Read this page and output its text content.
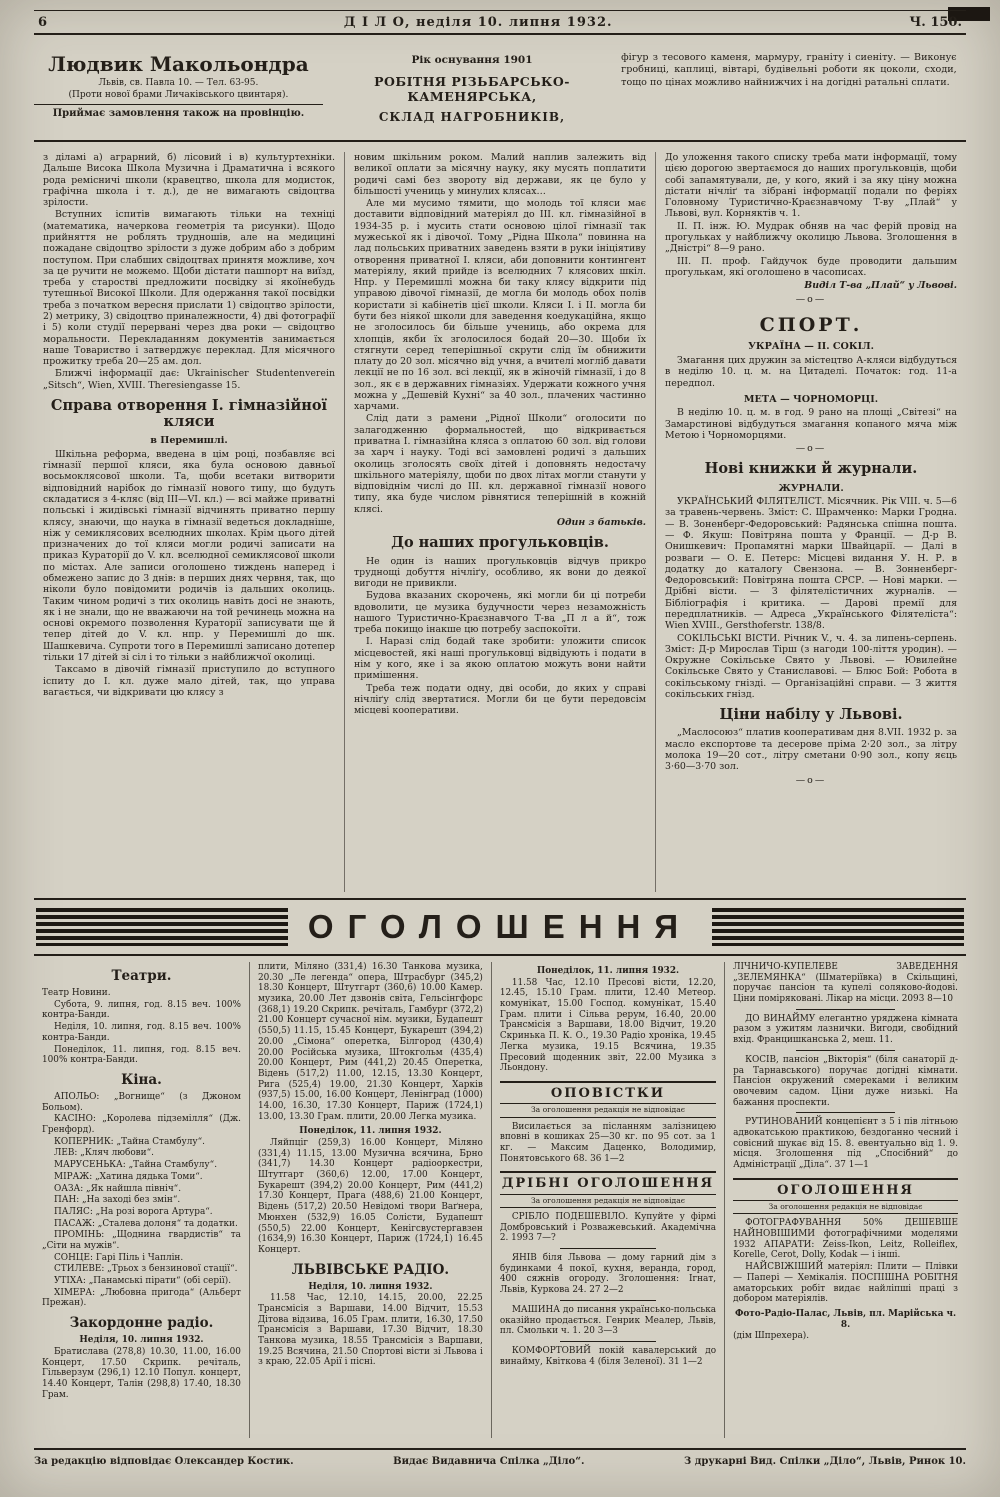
6	Д І Л О, неділя 10. липня 1932.	Ч. 150.
Людвик Макольондра
Львів, св. Павла 10. — Тел. 63-95.
(Проти нової брами Личаківського цвинтаря).
Приймає замовлення також на провінцію.
Рік оснування 1901
РОБІТНЯ РІЗЬБАРСЬКО-КАМЕНЯРСЬКА,
СКЛАД НАГРОБНИКІВ,
фігур з тесового каменя, мармуру, граніту і сиеніту. — Виконує гробниці, каплиці, вівтарі, будівельні роботи як цоколи, сходи, тощо по цінах можливо найнижчих і на догідні ратальні сплати.
з діламі а) аграрний, б) лісовий і в) культуртехніки. Дальше Висока Школа Музична і Драматична і всякого рода ремісничі школи (кравецтво, школа для модисток, графічна школа і т. д.), де не вимагають свідоцтва зрілости.
Вступних іспитів вимагають тільки на техніці (математика, начеркова геометрія та рисунки). Щодо прийняття не роблять трудношів, але на медицині пожадане свідоцтво зрілости з дуже добрим або з добрим поступом. При слабших свідоцтвах принятя можливе, хоч за це ручити не можемо. Щоби дістати пашпорт на виїзд, треба у старостві предложити посвідку зі якоїнебудь тутешньої Високої Школи. Для одержання такої посвідки треба з початком вересня прислати 1) свідоцтво зрілости, 2) метрику, 3) свідоцтво приналежности, 4) дві фотографії і 5) коли студії перервані через два роки — свідоцтво моральности. Перекладанням документів занимається наше Товариство і затверджує переклад. Для місячного прожитку треба 20—25 ам. дол.
Ближчі інформації дає: Ukrainischer Studentenverein „Sitsch“, Wien, XVIII. Theresiengasse 15.
Справа отворення І. гімназійної кляси
в Перемишлі.
Шкільна реформа, введена в цім році, позбавляє всі гімназії першої кляси, яка була основою давньої восьмоклясової школи. Та, щоби всетаки витворити відповідний нарібок до гімназії нового типу, що будуть складатися з 4-кляс (від III—VI. кл.) — всі майже приватні польські і жидівські гімназії відчинять приватно першу клясу, знаючи, що наука в гімназії ведеться докладніше, ніж у семиклясових вселюдних школах. Крім цього дітей призначених до тої кляси могли родичі записати на приказ Кураторії до V. кл. вселюдної семиклясової школи по містах. Але записи оголошено тиждень наперед і обмежено запис до 3 днів: в перших днях червня, так, що ніколи було повідомити родичів із дальших околиць. Таким чином родичі з тих околиць навіть досі не знають, як і не знали, що не вважаючи на той речинець можна на основі окремого позволення Кураторії записувати ще й тепер дітей до V. кл. нпр. у Перемишлі до шк. Шашкевича. Супроти того в Перемишлі записано дотепер тільки 17 дітей зі сіл і то тільки з найближчої околиці.
Таксамо в дівочій гімназії приступило до вступного іспиту до І. кл. дуже мало дітей, так, що управа вагається, чи відкривати цю клясу з
новим шкільним роком. Малий наплив залежить від великої оплати за місячну науку, яку мусять поплатити родичі самі без звороту від держави, як це було у більшості учениць у минулих клясах…
Але ми мусимо тямити, що молодь тої кляси має доставити відповідний матеріял до III. кл. гімназійної в 1934-35 р. і мусить стати основою цілої гімназії так мужеської як і дівочої. Тому „Рідна Школа“ повинна на лад польських приватних заведень взяти в руки ініціятиву отворення приватної І. кляси, аби доповнити контингент матеріялу, який прийде із вселюдних 7 клясових шкіл. Нпр. у Перемишлі можна би таку клясу відкрити під управою дівочої гімназії, де могла би молодь обох полів користати зі кабінетів цієї школи. Кляси І. і II. могла би бути без ніякої школи для заведення коедукаційна, якщо не зголосилось би більше учениць, або окрема для хлопців, якби їх зголосилося бодай 20—30. Щоби їх стягнути серед теперішньої скрути слід їм обнижити плату до 20 зол. місячно від учня, а вчителі могліб давати лекції не по 16 зол. всі лекції, як в жіночій гімназії, і до 8 зол., як є в державних гімназіях. Удержати кожного учня можна у „Дешевій Кухні“ за 40 зол., плачених частинно харчами.
Слід дати з рамени „Рідної Школи“ оголосити по залагодженню формальностей, що відкривається приватна І. гімназійна кляса з оплатою 60 зол. від голови за харч і науку. Тоді всі замовлені родичі з дальших околиць зголосять своїх дітей і доповнять недостачу шкільного матеріялу, щоби по двох літах могли станути у відповіднім числі до III. кл. державної гімназії нового типу, яка буде числом рівнятися теперішній в кожній клясі.
Один з батьків.
До наших прогульковців.
Не один із наших прогульковців відчув прикро труднощі добуття нічліґу, особливо, як вони до деякої вигоди не привикли.
Будова вказаних скорочень, які могли би ці потреби вдоволити, це музика будучности через незаможність нашого Туристично-Краєзнавчого Т-ва „П л а й“, тож треба покищо інакше цю потребу заспокоїти.
І. Наразі слід бодай таке зробити: уложити список місцевостей, які наші прогульковці відвідують і подати в нім у кого, яке і за якою оплатою можуть вони найти примішення.
Треба теж подати одну, дві особи, до яких у справі нічліґу слід звертатися. Могли би це бути передовсім місцеві кооперативи.
До уложення такого списку треба мати інформації, тому цією дорогою звертаємося до наших прогульковців, щоби собі запамятували, де, у кого, який і за яку ціну можна дістати нічліґ та зібрані інформації подали по феріях Головному Туристично-Краєзнавчому Т-ву „Плай“ у Львові, вул. Корняктів ч. 1.
II. П. інж. Ю. Мудрак обняв на час ферій провід на прогульках у найближчу околицю Львова. Зголошення в „Дністрі“ 8—9 рано.
III. П. проф. Гайдучок буде проводити дальшим прогулькам, які оголошено в часописах.
Виділ Т-ва „Плай“ у Львові.
—о—
СПОРТ.
УКРАЇНА — ІІ. СОКІЛ.
Змагання цих дружин за містецтво А-кляси відбудуться в неділю 10. ц. м. на Цитаделі. Початок: год. 11-а передпол.
МЕТА — ЧОРНОМОРЦІ.
В неділю 10. ц. м. в год. 9 рано на площі „Світезі“ на Замарстинові відбудуться змагання копаного мяча між Метою і Чорноморцями.
—о—
Нові книжки й журнали.
ЖУРНАЛИ.
УКРАЇНСЬКИЙ ФІЛЯТЕЛІСТ. Місячник. Рік VIII. ч. 5—6 за травень-червень. Зміст: С. Шрамченко: Марки Гродна. — В. Зоненберг-Федоровський: Радянська спішна пошта. — Ф. Якуш: Повітряна пошта у Франції. — Д-р В. Онишкевич: Пропамятні марки Швайцарії. — Далі в розваги — О. Е. Петерс: Місцеві видання У. Н. Р. в додатку до каталогу Свензона. — В. Зонненберг-Федоровський: Повітряна пошта СРСР. — Нові марки. — Дрібні вісти. — З філятелістичних журналів. — Бібліографія і критика. — Дарові премії для передплатників. — Адреса „Українського Філятеліста“: Wien XVIII., Gersthoferstr. 138/8.
СОКІЛЬСЬКІ ВІСТИ. Річник V., ч. 4. за липень-серпень. Зміст: Д-р Мирослав Тірш (з нагоди 100-ліття уродин). — Окружне Сокільське Свято у Львові. — Ювилейне Сокільське Свято у Станиславові. — Блюс Бой: Робота в сокільському гнізді. — Організаційні справи. — З життя сокільських гнізд.
Ціни набілу у Львові.
„Маслосоюз“ платив кооперативам дня 8.VII. 1932 р. за масло експортове та десерове пріма 2·20 зол., за літру молока 19—20 сот., літру сметани 0·90 зол., копу яєць 3·60—3·70 зол.
—о—
ОГОЛОШЕННЯ
Театри.
Театр Новини.
Субота, 9. липня, год. 8.15 веч. 100% контра-Банди.
Неділя, 10. липня, год. 8.15 веч. 100% контра-Банди.
Понеділок, 11. липня, год. 8.15 веч. 100% контра-Банди.
Кіна.
АПОЛЬО: „Вогнище“ (з Джоном Больом).
КАСІНО: „Королева підземілля“ (Дж. Гренфорд).
КОПЕРНИК: „Тайна Стамбулу“.
ЛЕВ: „Кляч любови“.
МАРУСЕНЬКА: „Тайна Стамбулу“.
МІРАЖ: „Хатина дядька Томи“.
ОАЗА: „Як найшла північ“.
ПАН: „На заході без змін“.
ПАЛЯС: „На розі ворога Артура“.
ПАСАЖ: „Сталева долоня“ та додатки.
ПРОМІНЬ: „Щоднина гвардистів“ та „Сіти на мужів“.
СОНЦЕ: Гарі Піль і Чаплін.
СТИЛЕВЕ: „Трьох з бензинової стації“.
УТІХА: „Панамські пірати“ (обі серії).
ХІМЕРА: „Любовна пригода“ (Альберт Прежан).
Закордонне радіо.
Неділя, 10. липня 1932.
Братислава (278,8) 10.30, 11.00, 16.00 Концерт, 17.50 Скрипк. речіталь, Гільверзум (296,1) 12.10 Попул. концерт, 14.40 Концерт, Талін (298,8) 17.40, 18.30 Грам.
плити, Міляно (331,4) 16.30 Танкова музика, 20.30 „Ле легенда“ опера, Штрасбург (345,2) 18.30 Концерт, Штутгарт (360,6) 10.00 Камер. музика, 20.00 Лет дзвонів світа, Гельсінгфорс (368,1) 19.20 Скрипк. речіталь, Гамбург (372,2) 21.00 Концерт сучасної нім. музики, Будапешт (550,5) 11.15, 15.45 Концерт, Букарешт (394,2) 20.00 „Сімона“ оперетка, Білгород (430,4) 20.00 Російська музика, Штокгольм (435,4) 20.00 Концерт, Рим (441,2) 20.45 Оперетка, Відень (517,2) 11.00, 12.15, 13.30 Концерт, Рига (525,4) 19.00, 21.30 Концерт, Харків (937,5) 15.00, 16.00 Концерт, Ленінград (1000) 14.00, 16.30, 17.30 Концерт, Париж (1724,1) 13.00, 13.30 Грам. плити, 20.00 Легка музика.
Понеділок, 11. липня 1932.
Ляйпціг (259,3) 16.00 Концерт, Міляно (331,4) 11.15, 13.00 Музична всячина, Брно (341,7) 14.30 Концерт радіооркестри, Штутгарт (360,6) 12.00, 17.00 Концерт, Букарешт (394,2) 20.00 Концерт, Рим (441,2) 17.30 Концерт, Прага (488,6) 21.00 Концерт, Відень (517,2) 20.50 Невідомі твори Ваґнера, Мюнхен (532,9) 16.05 Солісти, Будапешт (550,5) 22.00 Концерт, Кенігсвустергавзен (1634,9) 16.30 Концерт, Париж (1724,1) 16.45 Концерт.
ЛЬВІВСЬКЕ РАДІО.
Неділя, 10. липня 1932.
11.58 Час, 12.10, 14.15, 20.00, 22.25 Трансмісія з Варшави, 14.00 Відчит, 15.53 Дітова відзива, 16.05 Грам. плити, 16.30, 17.50 Трансмісія з Варшави, 17.30 Відчит, 18.30 Танкова музика, 18.55 Трансмісія з Варшави, 19.25 Всячина, 21.50 Спортові вісти зі Львова і з краю, 22.05 Арії і пісні.
Понеділок, 11. липня 1932.
11.58 Час, 12.10 Пресові вісти, 12.20, 12.45, 15.10 Грам. плити, 12.40 Метеор. комунікат, 15.00 Господ. комунікат, 15.40 Грам. плити і Сільва рерум, 16.40, 20.00 Трансмісія з Варшави, 18.00 Відчит, 19.20 Скринька П. К. О., 19.30 Радіо хроніка, 19.45 Легка музика, 19.15 Всячина, 19.35 Пресовий щоденник звіт, 22.00 Музика з Льондону.
ОПОВІСТКИ
За оголошення редакція не відповідає
Висилається за післанням залізницею вповні в кошиках 25—30 кг. по 95 сот. за 1 кг. — Максим Даценко, Володимир, Понятовського 68. 36 1—2
ДРІБНІ ОГОЛОШЕННЯ
За оголошення редакція не відповідає
СРІБЛО ПОДЕШЕВІЛО. Купуйте у фірмі Домбровський і Розважевський. Академічна 2. 1993 7—?
ЯНІВ біля Львова — дому гарний дім з будинками 4 покої, кухня, веранда, город, 400 сяжнів огороду. Зголошення: Ігнат, Львів, Куркова 24. 27 2—2
МАШИНА до писання українсько-польська оказійно продається. Генрик Меалер, Львів, пл. Смольки ч. 1. 20 3—3
КОМФОРТОВИЙ покій кавалерський до винайму, Квіткова 4 (біля Зеленої). 31 1—2
ЛІЧНИЧО-КУПЕЛЕВЕ ЗАВЕДЕННЯ „ЗЕЛЕМЯНКА“ (Шматеріївка) в Скільщині, поручає пансіон та купелі соляково-йодові. Ціни поміряковані. Лікар на місци. 2093 8—10
ДО ВИНАЙМУ елегантно уряджена кімната разом з ужитям лазнички. Вигоди, свобідний вхід. Францишканська 2, меш. 11.
КОСІВ, пансіон „Вікторія“ (біля санаторії д-ра Тарнавського) поручає догідні кімнати. Пансіон окружений смереками і великим овочевим садом. Ціни дуже низькі. На бажання проспекти.
РУТИНОВАНИЙ концепієнт з 5 і пів літньою адвокатською практикою, бездоганно чесний і совісний шукає від 15. 8. евентуально від 1. 9. місця. Зголошення під „Спосібний“ до Адміністрації „Діла“. 37 1—1
ОГОЛОШЕННЯ
За оголошення редакція не відповідає
ФОТОГРАФУВАННЯ 50% ДЕШЕВШЕ НАЙНОВІШИМИ фотографічними моделями 1932 АПАРАТИ: Zeiss-Ikon, Leitz, Rolleiflex, Korelle, Cerot, Dolly, Kodak — і інші.
НАЙСВІЖІШИЙ матеріял: Плити — Плівки — Папері — Хемікалія. ПОСПІШНА РОБІТНЯ аматорських робіт видає найліпші праці з добором матеріялів.
Фото-Радіо-Палас, Львів, пл. Марійська ч. 8.
(дім Шпрехера).
За редакцію відповідає Олександер Костик.	Видає Видавнича Спілка „Діло“.	З друкарні Вид. Спілки „Діло“, Львів, Ринок 10.
